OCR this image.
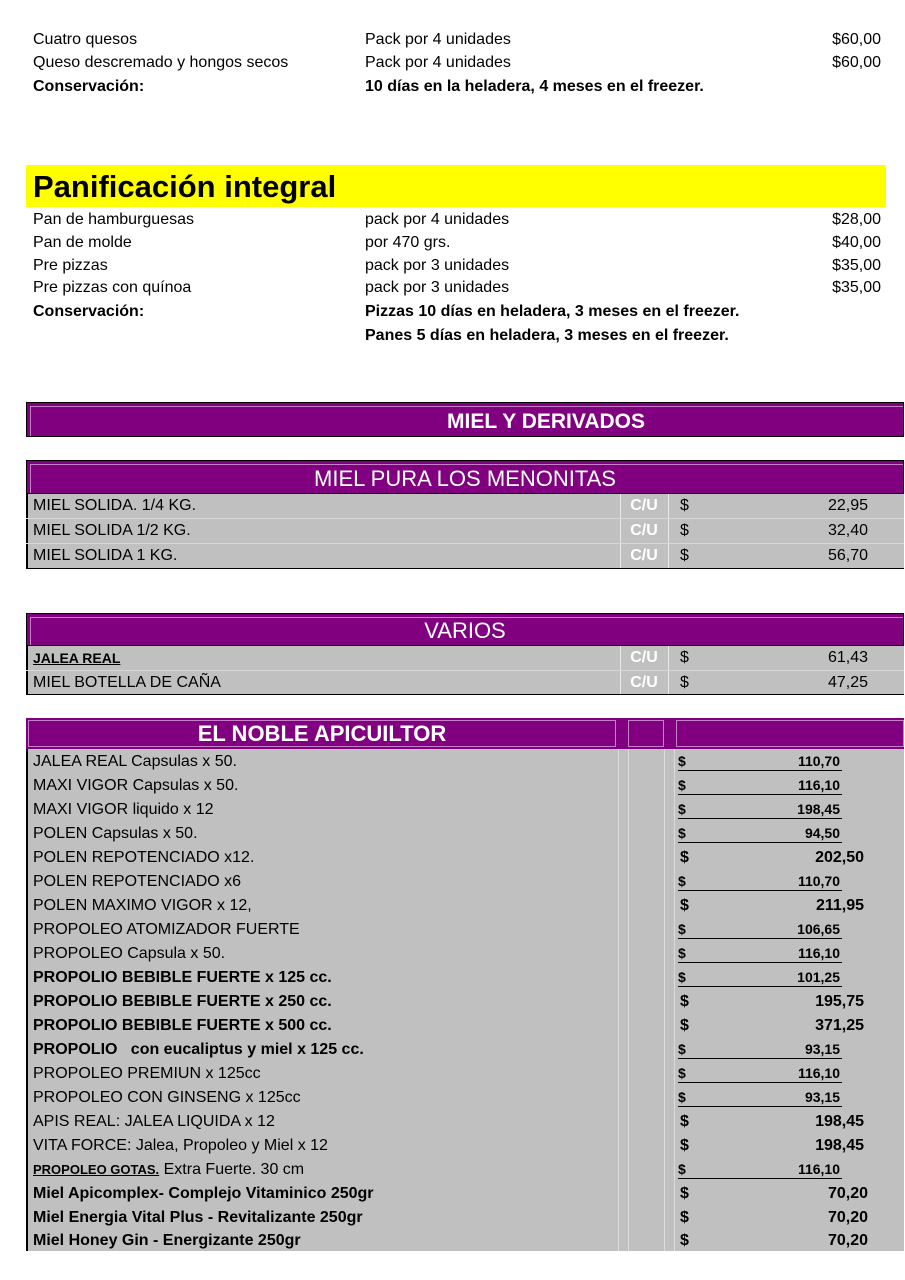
Cuatro quesos	Pack por 4 unidades	$60,00
Queso descremado y hongos secos	Pack por 4 unidades	$60,00
Conservación:	10 días en la heladera, 4 meses en el freezer.
Panificación integral
Pan de hamburguesas	pack por 4 unidades	$28,00
Pan de molde	por 470 grs.	$40,00
Pre pizzas	pack por 3 unidades	$35,00
Pre pizzas con quínoa	pack por 3 unidades	$35,00
Conservación:	Pizzas 10 días en heladera, 3 meses en el freezer.
Panes 5 días en heladera, 3 meses en el freezer.
MIEL Y DERIVADOS
MIEL PURA LOS MENONITAS
MIEL SOLIDA. 1/4 KG.	C/U	$	22,95
MIEL SOLIDA 1/2 KG.	C/U	$	32,40
MIEL SOLIDA 1 KG.	C/U	$	56,70
VARIOS
JALEA REAL	C/U	$	61,43
MIEL BOTELLA DE CAÑA	C/U	$	47,25
EL NOBLE APICUILTOR
JALEA REAL Capsulas x 50.	$	110,70
MAXI VIGOR Capsulas x 50.	$	116,10
MAXI VIGOR liquido x 12	$	198,45
POLEN Capsulas x 50.	$	94,50
POLEN REPOTENCIADO x12.	$	202,50
POLEN REPOTENCIADO x6	$	110,70
POLEN MAXIMO VIGOR x 12,	$	211,95
PROPOLEO ATOMIZADOR FUERTE	$	106,65
PROPOLEO Capsula x 50.	$	116,10
PROPOLIO BEBIBLE FUERTE x 125 cc.	$	101,25
PROPOLIO BEBIBLE FUERTE x 250 cc.	$	195,75
PROPOLIO BEBIBLE FUERTE x 500 cc.	$	371,25
PROPOLIO   con eucaliptus y miel x 125 cc.	$	93,15
PROPOLEO PREMIUN x 125cc	$	116,10
PROPOLEO CON GINSENG x 125cc	$	93,15
APIS REAL: JALEA LIQUIDA x 12	$	198,45
VITA FORCE: Jalea, Propoleo y Miel x 12	$	198,45
PROPOLEO GOTAS. Extra Fuerte. 30 cm	$	116,10
Miel Apicomplex- Complejo Vitaminico 250gr	$	70,20
Miel Energia Vital Plus - Revitalizante 250gr	$	70,20
Miel Honey Gin - Energizante 250gr	$	70,20
